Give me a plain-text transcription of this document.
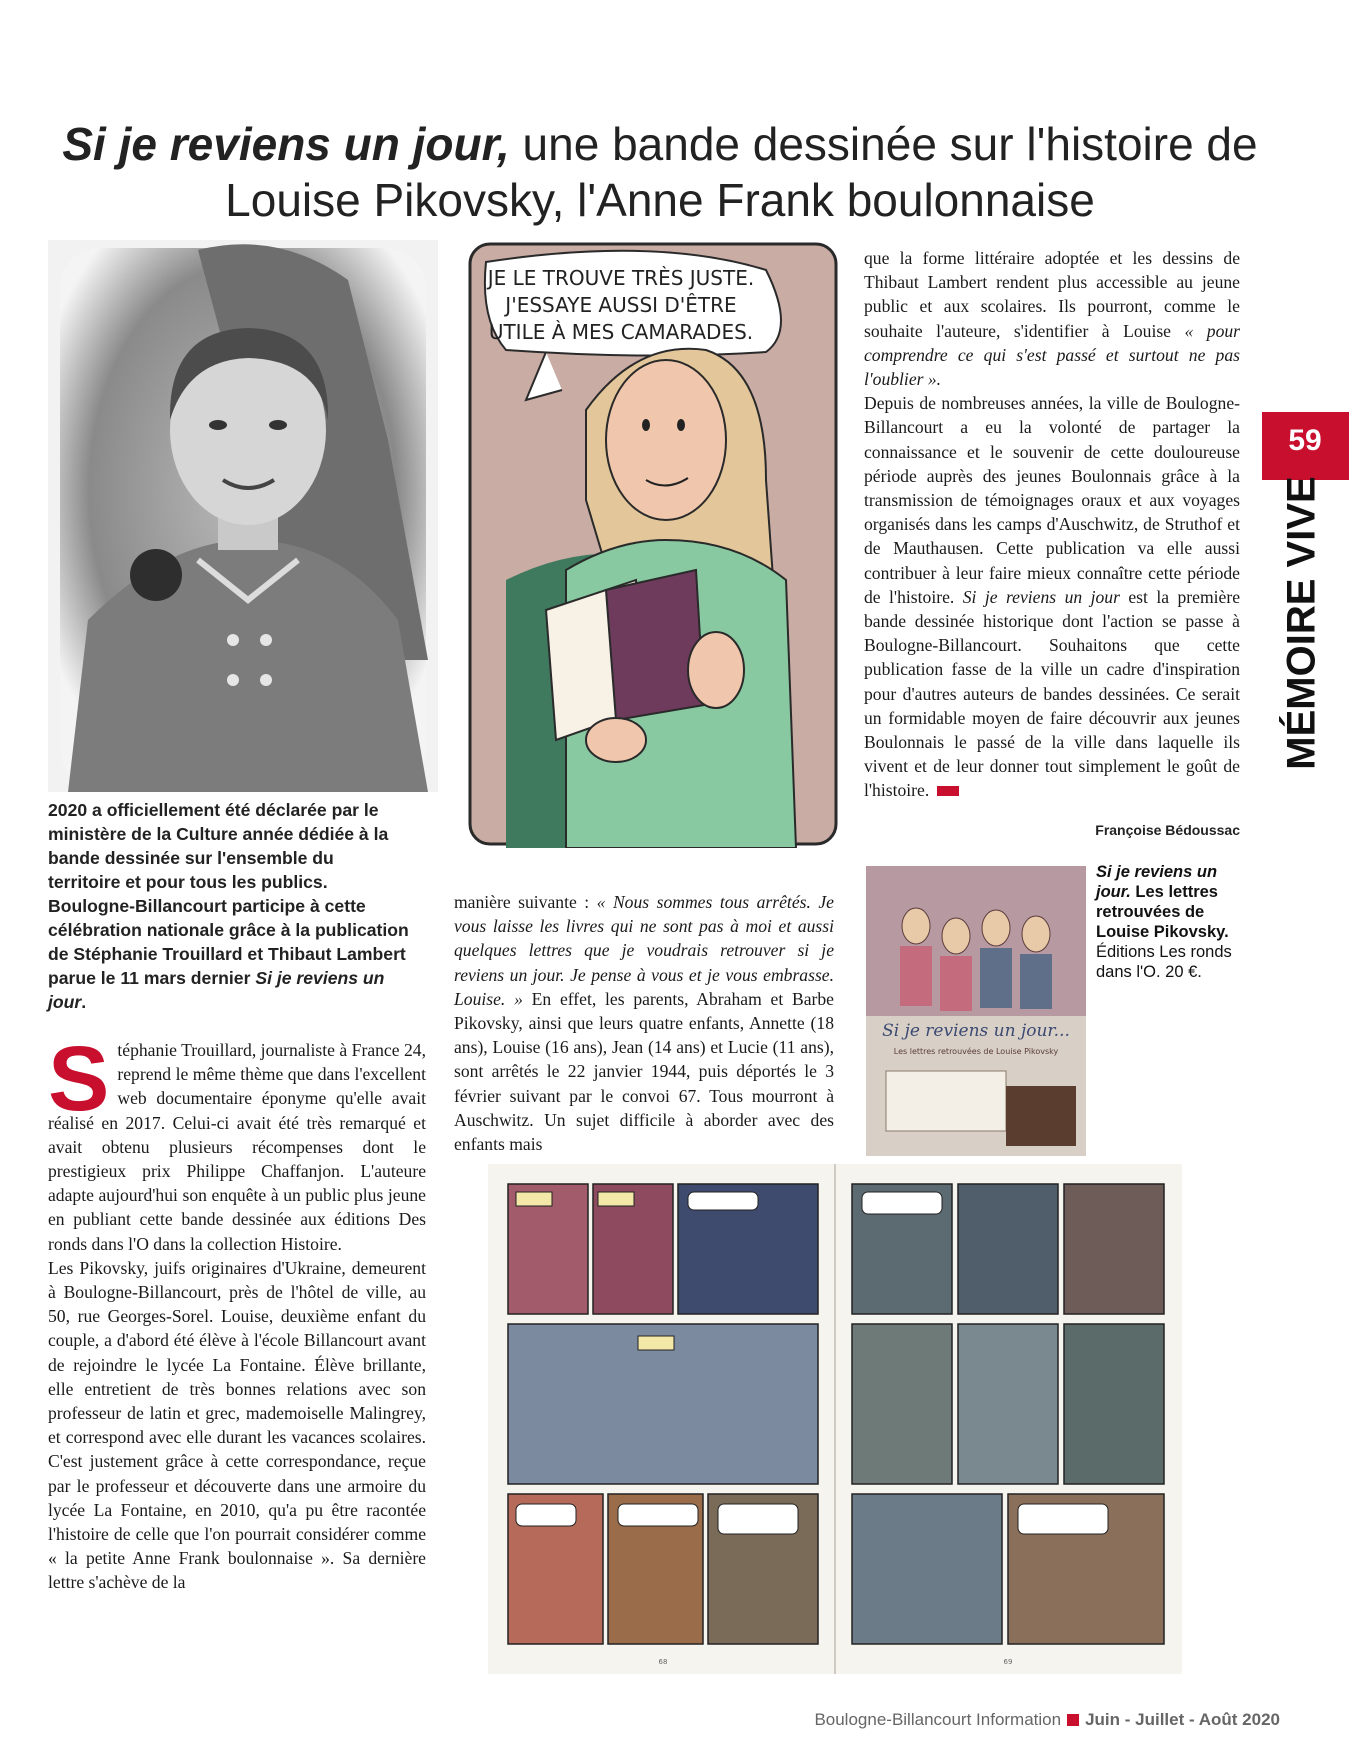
Si je reviens un jour, une bande dessinée sur l'histoire de Louise Pikovsky, l'Anne Frank boulonnaise
JE LE TROUVE TRÈS JUSTE.
J'ESSAYE AUSSI D'ÊTRE
UTILE À MES CAMARADES.
2020 a officiellement été déclarée par le ministère de la Culture année dédiée à la bande dessinée sur l'ensemble du territoire et pour tous les publics. Boulogne-Billancourt participe à cette célébration nationale grâce à la publication de Stéphanie Trouillard et Thibaut Lambert parue le 11 mars dernier Si je reviens un jour.
Stéphanie Trouillard, journaliste à France 24, reprend le même thème que dans l'excellent web documentaire éponyme qu'elle avait réalisé en 2017. Celui-ci avait été très remarqué et avait obtenu plusieurs récompenses dont le prestigieux prix Philippe Chaffanjon. L'auteure adapte aujourd'hui son enquête à un public plus jeune en publiant cette bande dessinée aux éditions Des ronds dans l'O dans la collection Histoire.
Les Pikovsky, juifs originaires d'Ukraine, demeurent à Boulogne-Billancourt, près de l'hôtel de ville, au 50, rue Georges-Sorel. Louise, deuxième enfant du couple, a d'abord été élève à l'école Billancourt avant de rejoindre le lycée La Fontaine. Élève brillante, elle entretient de très bonnes relations avec son professeur de latin et grec, mademoiselle Malingrey, et correspond avec elle durant les vacances scolaires. C'est justement grâce à cette correspondance, reçue par le professeur et découverte dans une armoire du lycée La Fontaine, en 2010, qu'a pu être racontée l'histoire de celle que l'on pourrait considérer comme « la petite Anne Frank boulonnaise ». Sa dernière lettre s'achève de la
manière suivante : « Nous sommes tous arrêtés. Je vous laisse les livres qui ne sont pas à moi et aussi quelques lettres que je voudrais retrouver si je reviens un jour. Je pense à vous et je vous embrasse. Louise. » En effet, les parents, Abraham et Barbe Pikovsky, ainsi que leurs quatre enfants, Annette (18 ans), Louise (16 ans), Jean (14 ans) et Lucie (11 ans), sont arrêtés le 22 janvier 1944, puis déportés le 3 février suivant par le convoi 67. Tous mourront à Auschwitz. Un sujet difficile à aborder avec des enfants mais
que la forme littéraire adoptée et les dessins de Thibaut Lambert rendent plus accessible au jeune public et aux scolaires. Ils pourront, comme le souhaite l'auteure, s'identifier à Louise « pour comprendre ce qui s'est passé et surtout ne pas l'oublier ».
Depuis de nombreuses années, la ville de Boulogne-Billancourt a eu la volonté de partager la connaissance et le souvenir de cette douloureuse période auprès des jeunes Boulonnais grâce à la transmission de témoignages oraux et aux voyages organisés dans les camps d'Auschwitz, de Struthof et de Mauthausen. Cette publication va elle aussi contribuer à leur faire mieux connaître cette période de l'histoire. Si je reviens un jour est la première bande dessinée historique dont l'action se passe à Boulogne-Billancourt. Souhaitons que cette publication fasse de la ville un cadre d'inspiration pour d'autres auteurs de bandes dessinées. Ce serait un formidable moyen de faire découvrir aux jeunes Boulonnais le passé de la ville dans laquelle ils vivent et de leur donner tout simplement le goût de l'histoire.
Françoise Bédoussac
Si je reviens un jour...
Les lettres retrouvées de Louise Pikovsky
Si je reviens un jour. Les lettres retrouvées de Louise Pikovsky. Éditions Les ronds dans l'O. 20 €.
68	69
59
MÉMOIRE VIVE
Boulogne-Billancourt Information Juin - Juillet - Août 2020
